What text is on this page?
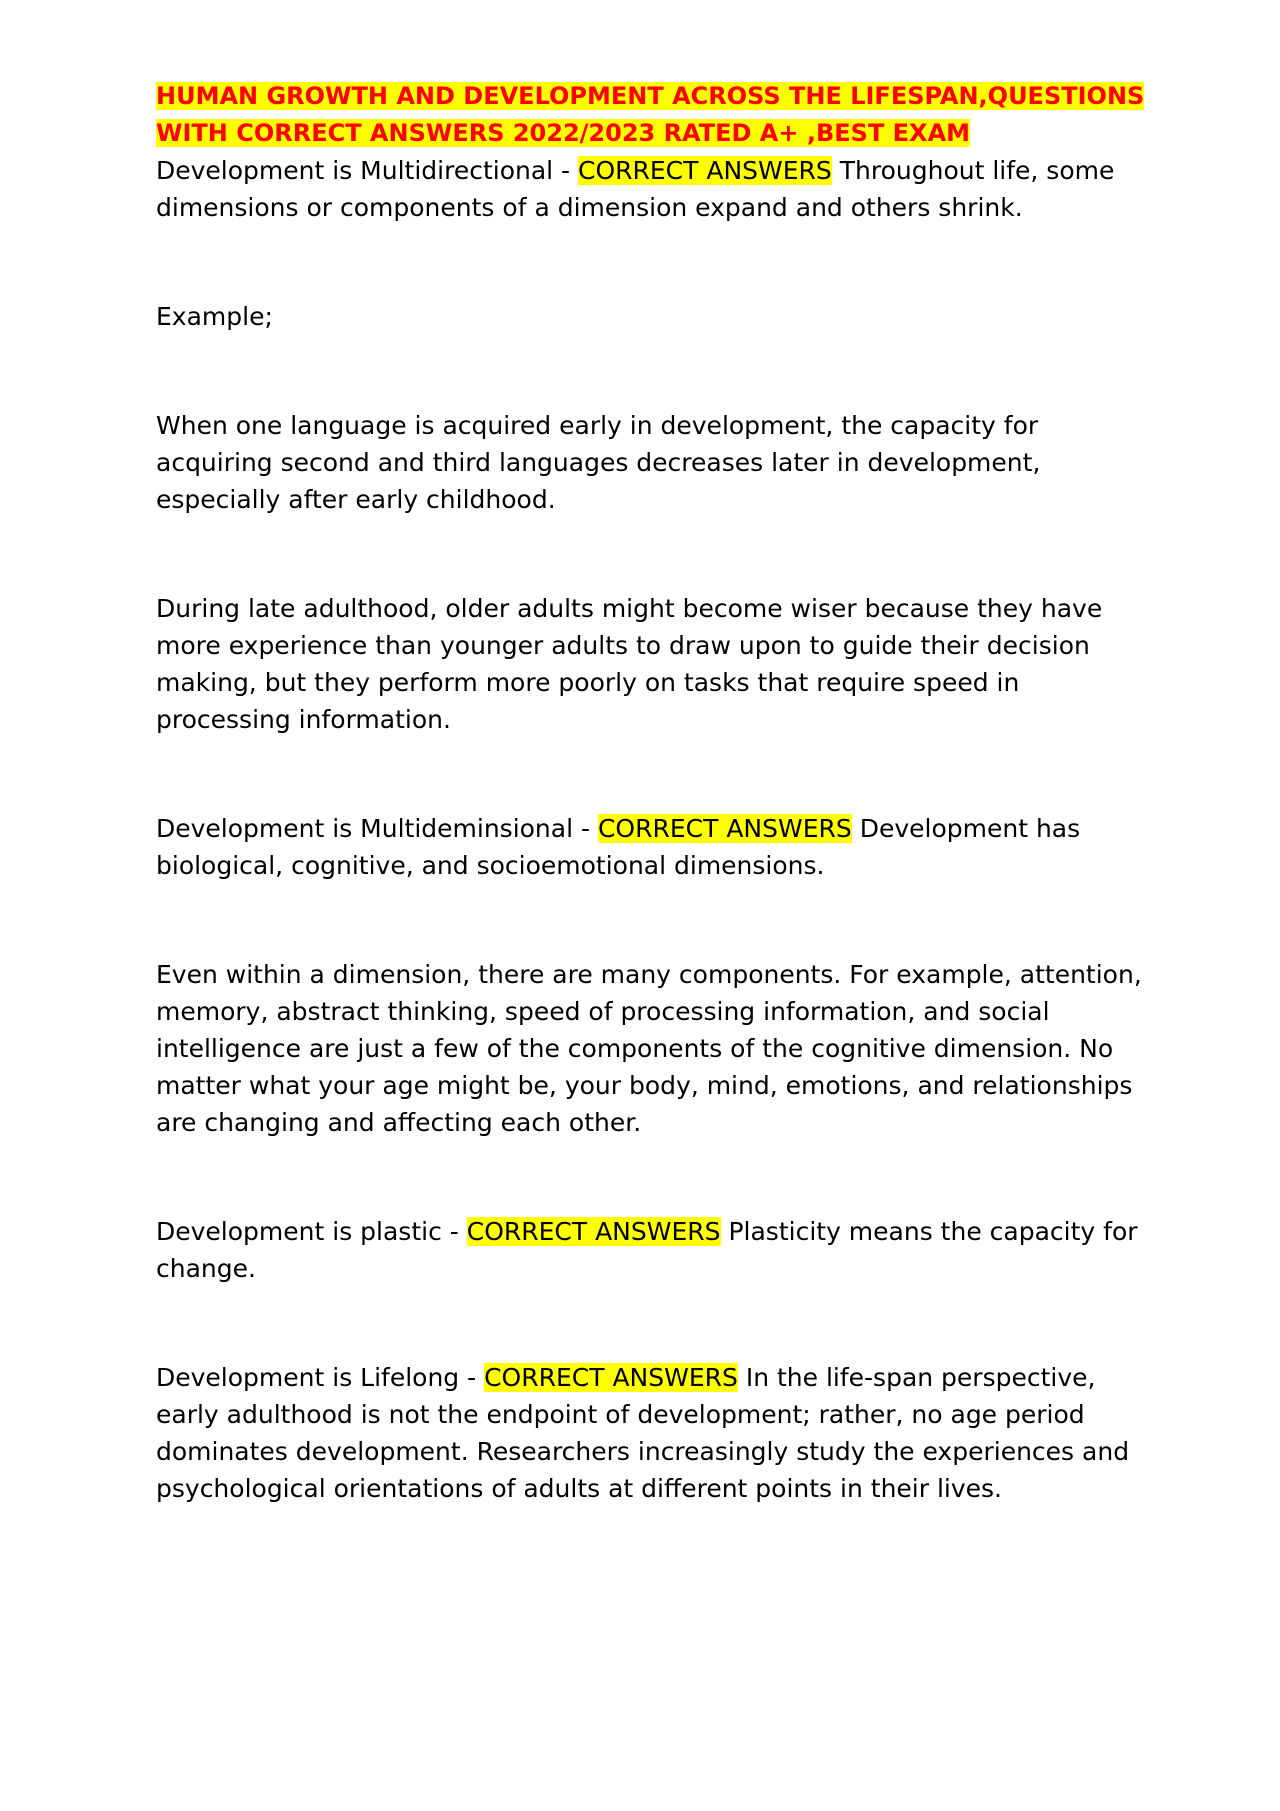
HUMAN GROWTH AND DEVELOPMENT ACROSS THE LIFESPAN,QUESTIONS
WITH CORRECT ANSWERS 2022/2023 RATED A+ ,BEST EXAM

Development is Multidirectional - CORRECT ANSWERS Throughout life, some dimensions or components of a dimension expand and others shrink.

Example;

When one language is acquired early in development, the capacity for acquiring second and third languages decreases later in development, especially after early childhood.

During late adulthood, older adults might become wiser because they have more experience than younger adults to draw upon to guide their decision making, but they perform more poorly on tasks that require speed in processing information.

Development is Multideminsional - CORRECT ANSWERS Development has biological, cognitive, and socioemotional dimensions.

Even within a dimension, there are many components. For example, attention, memory, abstract thinking, speed of processing information, and social intelligence are just a few of the components of the cognitive dimension. No matter what your age might be, your body, mind, emotions, and relationships are changing and affecting each other.

Development is plastic - CORRECT ANSWERS Plasticity means the capacity for change.

Development is Lifelong - CORRECT ANSWERS In the life-span perspective, early adulthood is not the endpoint of development; rather, no age period dominates development. Researchers increasingly study the experiences and psychological orientations of adults at different points in their lives.
